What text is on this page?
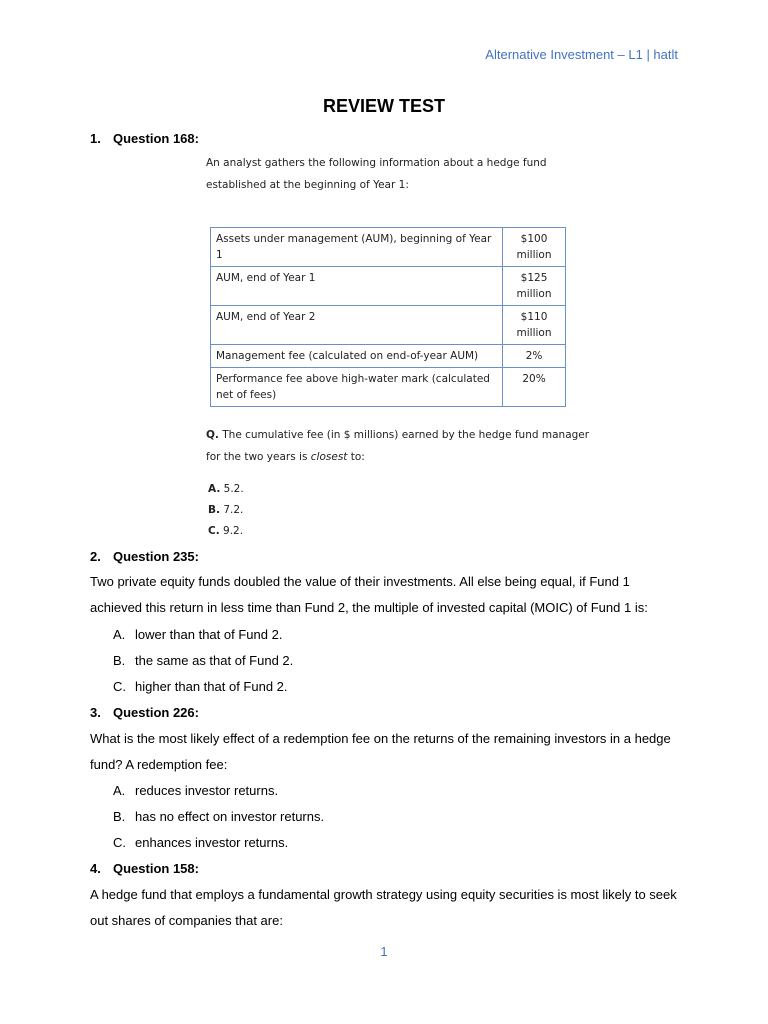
Alternative Investment – L1 | hatlt
REVIEW TEST
1. Question 168:

An analyst gathers the following information about a hedge fund

established at the beginning of Year 1:

Assets under management (AUM), beginning of Year 1	$100
million
AUM, end of Year 1	$125
million
AUM, end of Year 2	$110
million
Management fee (calculated on end-of-year AUM)	2%
Performance fee above high-water mark (calculated net of fees)	20%

Q. The cumulative fee (in $ millions) earned by the hedge fund manager

for the two years is closest to:

A. 5.2.
B. 7.2.
C. 9.2.
2. Question 235:
Two private equity funds doubled the value of their investments. All else being equal, if Fund 1 achieved this return in less time than Fund 2, the multiple of invested capital (MOIC) of Fund 1 is:
A. lower than that of Fund 2.
B. the same as that of Fund 2.
C. higher than that of Fund 2.
3. Question 226:
What is the most likely effect of a redemption fee on the returns of the remaining investors in a hedge fund? A redemption fee:
A. reduces investor returns.
B. has no effect on investor returns.
C. enhances investor returns.
4. Question 158:
A hedge fund that employs a fundamental growth strategy using equity securities is most likely to seek out shares of companies that are:
1
